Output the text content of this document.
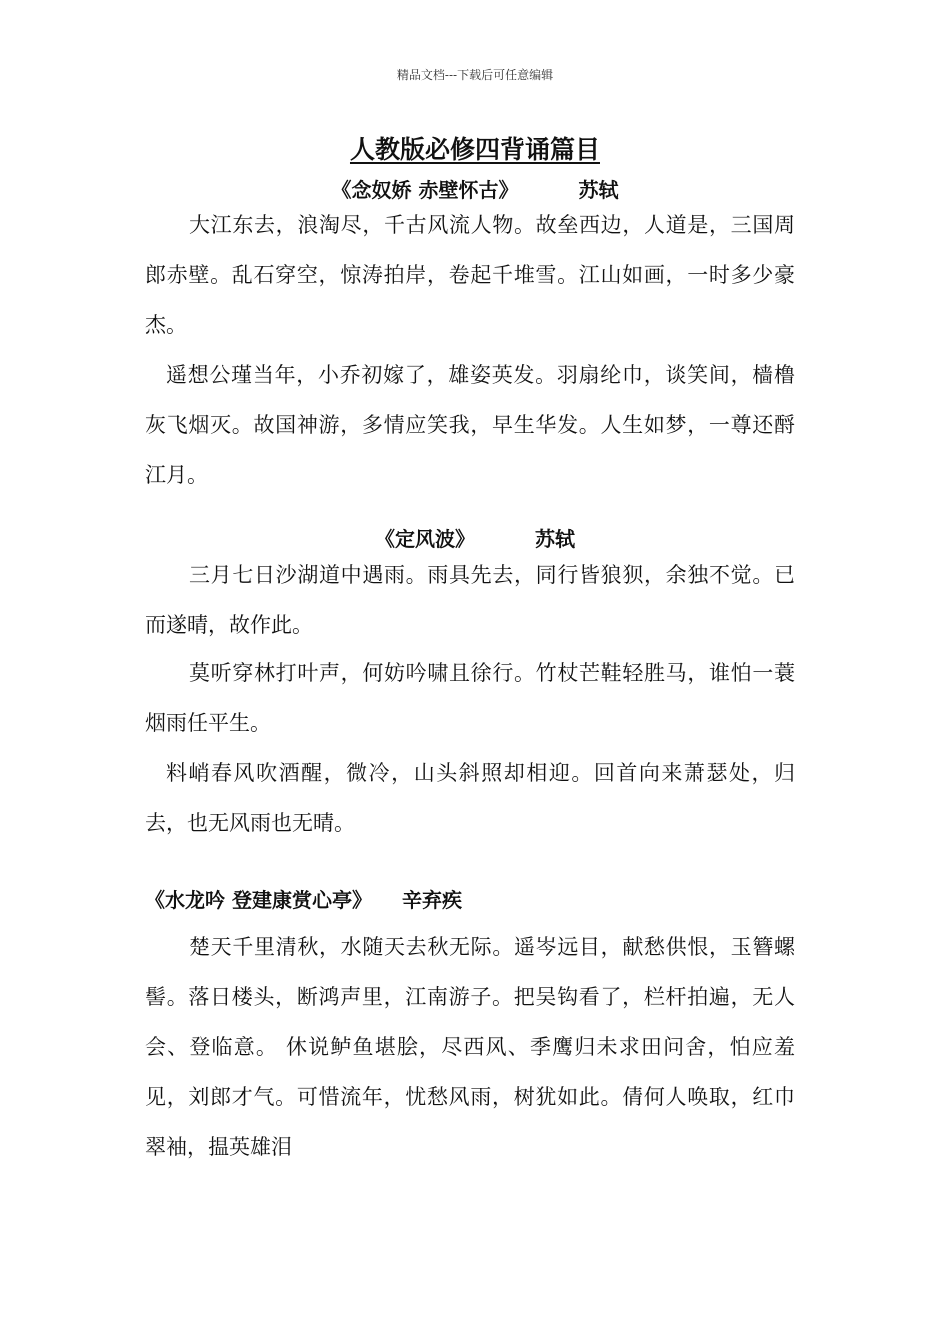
精品文档---下载后可任意编辑
人教版必修四背诵篇目
《念奴娇 赤壁怀古》	苏轼

大江东去，浪淘尽，千古风流人物。故垒西边，人道是，三国周郎赤壁。乱石穿空，惊涛拍岸，卷起千堆雪。江山如画，一时多少豪杰。

遥想公瑾当年，小乔初嫁了，雄姿英发。羽扇纶巾，谈笑间，樯橹灰飞烟灭。故国神游，多情应笑我，早生华发。人生如梦，一尊还酹江月。

《定风波》	苏轼

三月七日沙湖道中遇雨。雨具先去，同行皆狼狈，余独不觉。已而遂晴，故作此。

莫听穿林打叶声，何妨吟啸且徐行。竹杖芒鞋轻胜马，谁怕一蓑烟雨任平生。

料峭春风吹酒醒，微冷，山头斜照却相迎。回首向来萧瑟处，归去，也无风雨也无晴。

《水龙吟 登建康赏心亭》 辛弃疾

楚天千里清秋，水随天去秋无际。遥岑远目，献愁供恨，玉簪螺髻。落日楼头，断鸿声里，江南游子。把吴钩看了，栏杆拍遍，无人会、登临意。 休说鲈鱼堪脍，尽西风、季鹰归未求田问舍，怕应羞见，刘郎才气。可惜流年，忧愁风雨，树犹如此。倩何人唤取，红巾翠袖，揾英雄泪
